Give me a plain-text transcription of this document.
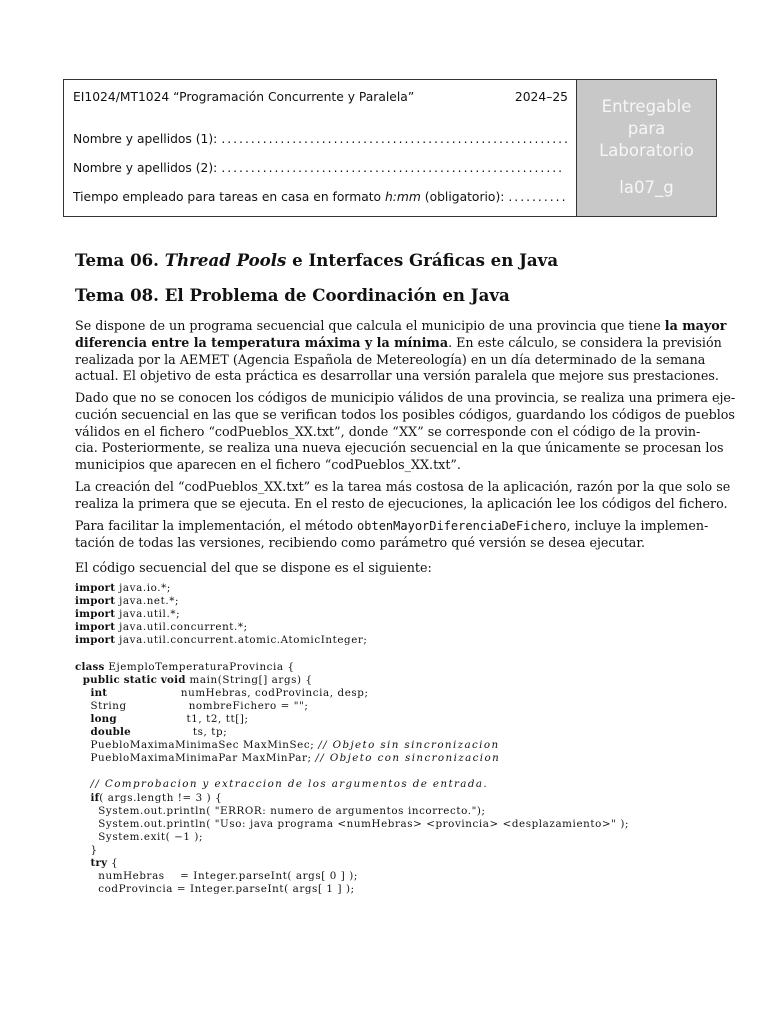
EI1024/MT1024 “Programación Concurrente y Paralela”	2024–25
Nombre y apellidos (1):
.....
Nombre y apellidos (2):
.....
Tiempo empleado para tareas en casa en formato h:mm (obligatorio):
.....
Entregable
para
Laboratorio
la07_g
Tema 06. Thread Pools e Interfaces Gráficas en Java
Tema 08. El Problema de Coordinación en Java

Se dispone de un programa secuencial que calcula el municipio de una provincia que tiene la mayor
diferencia entre la temperatura máxima y la mínima. En este cálculo, se considera la previsión
realizada por la AEMET (Agencia Española de Metereología) en un día determinado de la semana
actual. El objetivo de esta práctica es desarrollar una versión paralela que mejore sus prestaciones.

Dado que no se conocen los códigos de municipio válidos de una provincia, se realiza una primera eje-
cución secuencial en las que se verifican todos los posibles códigos, guardando los códigos de pueblos
válidos en el fichero “codPueblos_XX.txt”, donde “XX” se corresponde con el código de la provin-
cia. Posteriormente, se realiza una nueva ejecución secuencial en la que únicamente se procesan los
municipios que aparecen en el fichero “codPueblos_XX.txt”.

La creación del “codPueblos_XX.txt” es la tarea más costosa de la aplicación, razón por la que solo se
realiza la primera que se ejecuta. En el resto de ejecuciones, la aplicación lee los códigos del fichero.

Para facilitar la implementación, el método obtenMayorDiferenciaDeFichero, incluye la implemen-
tación de todas las versiones, recibiendo como parámetro qué versión se desea ejecutar.

El código secuencial del que se dispone es el siguiente:

import java.io.*;
import java.net.*;
import java.util.*;
import java.util.concurrent.*;
import java.util.concurrent.atomic.AtomicInteger;

class EjemploTemperaturaProvincia {
public static void main(String[] args) {
int                   numHebras, codProvincia, desp;
String                nombreFichero = "";
long                  t1, t2, tt[];
double                ts, tp;
PuebloMaximaMinimaSec MaxMinSec; // Objeto sin sincronizacion
PuebloMaximaMinimaPar MaxMinPar; // Objeto con sincronizacion

// Comprobacion y extraccion de los argumentos de entrada.
if( args.length != 3 ) {
System.out.println( "ERROR: numero de argumentos incorrecto.");
System.out.println( "Uso: java programa <numHebras> <provincia> <desplazamiento>" );
System.exit( −1 );
}
try {
numHebras    = Integer.parseInt( args[ 0 ] );
codProvincia = Integer.parseInt( args[ 1 ] );
